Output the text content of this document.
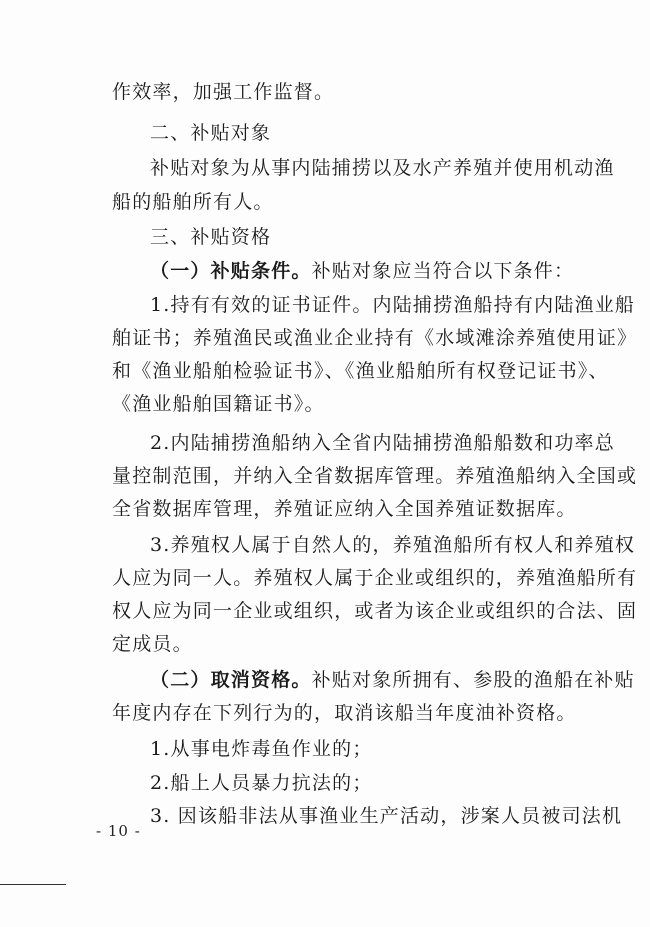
作效率，加强工作监督。
二、补贴对象
补贴对象为从事内陆捕捞以及水产养殖并使用机动渔
船的船舶所有人。
三、补贴资格
（一）补贴条件。补贴对象应当符合以下条件：
1.持有有效的证书证件。内陆捕捞渔船持有内陆渔业船
舶证书；养殖渔民或渔业企业持有《水域滩涂养殖使用证》
和《渔业船舶检验证书》、《渔业船舶所有权登记证书》、
《渔业船舶国籍证书》。
2.内陆捕捞渔船纳入全省内陆捕捞渔船船数和功率总
量控制范围，并纳入全省数据库管理。养殖渔船纳入全国或
全省数据库管理，养殖证应纳入全国养殖证数据库。
3.养殖权人属于自然人的，养殖渔船所有权人和养殖权
人应为同一人。养殖权人属于企业或组织的，养殖渔船所有
权人应为同一企业或组织，或者为该企业或组织的合法、固
定成员。
（二）取消资格。补贴对象所拥有、参股的渔船在补贴
年度内存在下列行为的，取消该船当年度油补资格。
1.从事电炸毒鱼作业的；
2.船上人员暴力抗法的；
3. 因该船非法从事渔业生产活动，涉案人员被司法机
- 10 -
